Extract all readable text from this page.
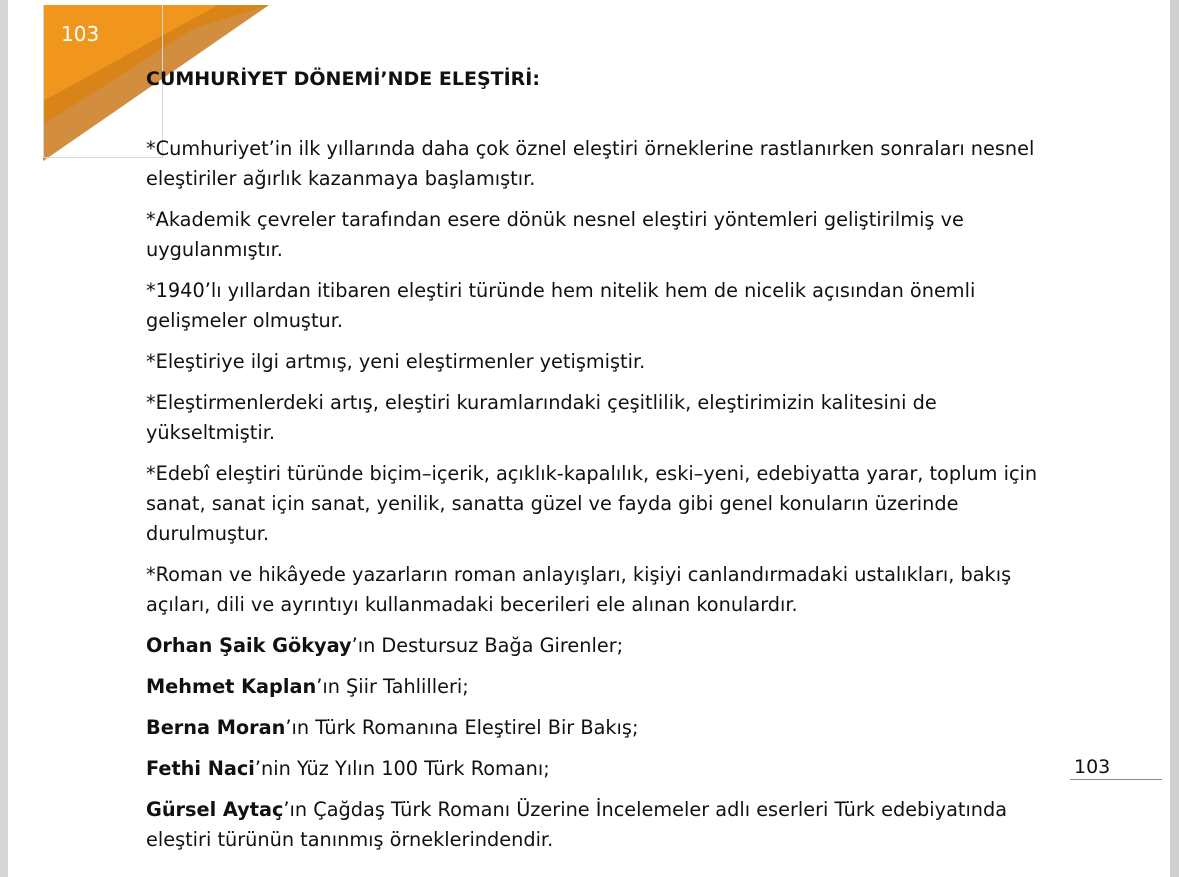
103
CUMHURİYET DÖNEMİ’NDE ELEŞTİRİ:

*Cumhuriyet’in ilk yıllarında daha çok öznel eleştiri örneklerine rastlanırken sonraları nesnel eleştiriler ağırlık kazanmaya başlamıştır.

*Akademik çevreler tarafından esere dönük nesnel eleştiri yöntemleri geliştirilmiş ve uygulanmıştır.

*1940’lı yıllardan itibaren eleştiri türünde hem nitelik hem de nicelik açısından önemli gelişmeler olmuştur.

*Eleştiriye ilgi artmış, yeni eleştirmenler yetişmiştir.

*Eleştirmenlerdeki artış, eleştiri kuramlarındaki çeşitlilik, eleştirimizin kalitesini de yükseltmiştir.

*Edebî eleştiri türünde biçim–içerik, açıklık-kapalılık, eski–yeni, edebiyatta yarar, toplum için sanat, sanat için sanat, yenilik, sanatta güzel ve fayda gibi genel konuların üzerinde durulmuştur.

*Roman ve hikâyede yazarların roman anlayışları, kişiyi canlandırmadaki ustalıkları, bakış açıları, dili ve ayrıntıyı kullanmadaki becerileri ele alınan konulardır.

Orhan Şaik Gökyay’ın Destursuz Bağa Girenler;

Mehmet Kaplan’ın Şiir Tahlilleri;

Berna Moran’ın Türk Romanına Eleştirel Bir Bakış;

Fethi Naci’nin Yüz Yılın 100 Türk Romanı;

Gürsel Aytaç’ın Çağdaş Türk Romanı Üzerine İncelemeler adlı eserleri Türk edebiyatında eleştiri türünün tanınmış örneklerindendir.

103
